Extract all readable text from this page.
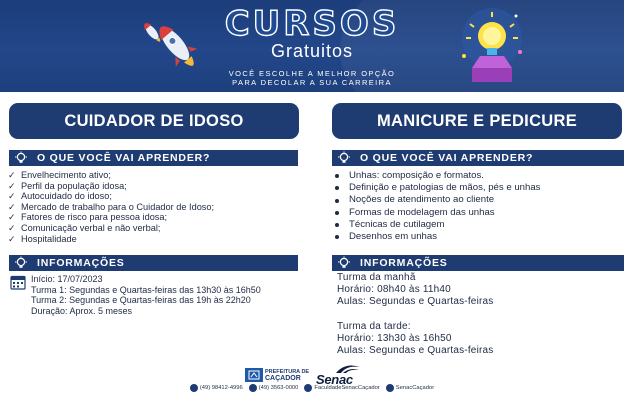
CURSOS
Gratuitos
VOCÊ ESCOLHE A MELHOR OPÇÃO
PARA DECOLAR A SUA CARREIRA
CUIDADOR DE IDOSO	MANICURE E PEDICURE
O QUE VOCÊ VAI APRENDER?	O QUE VOCÊ VAI APRENDER?
✓ Envelhecimento ativo;
✓ Perfil da população idosa;
✓ Autocuidado do idoso;
✓ Mercado de trabalho para o Cuidador de Idoso;
✓ Fatores de risco para pessoa idosa;
✓ Comunicação verbal e não verbal;
✓ Hospitalidade
Unhas: composição e formatos.
Definição e patologias de mãos, pés e unhas
Noções de atendimento ao cliente
Formas de modelagem das unhas
Técnicas de cutilagem
Desenhos em unhas
INFORMAÇÕES	INFORMAÇÕES
Início: 17/07/2023
Turma 1: Segundas e Quartas-feiras das 13h30 às 16h50
Turma 2: Segundas e Quartas-feiras das 19h às 22h20
Duração: Aprox. 5 meses
Turma da manhã
Horário: 08h40 às 11h40
Aulas: Segundas e Quartas-feiras
Turma da tarde:
Horário: 13h30 às 16h50
Aulas: Segundas e Quartas-feiras
PREFEITURA DE
CAÇADOR	Senac
(49) 98412-4996	(49) 3563-0000	FaculdadeSenacCaçador	SenacCaçador
